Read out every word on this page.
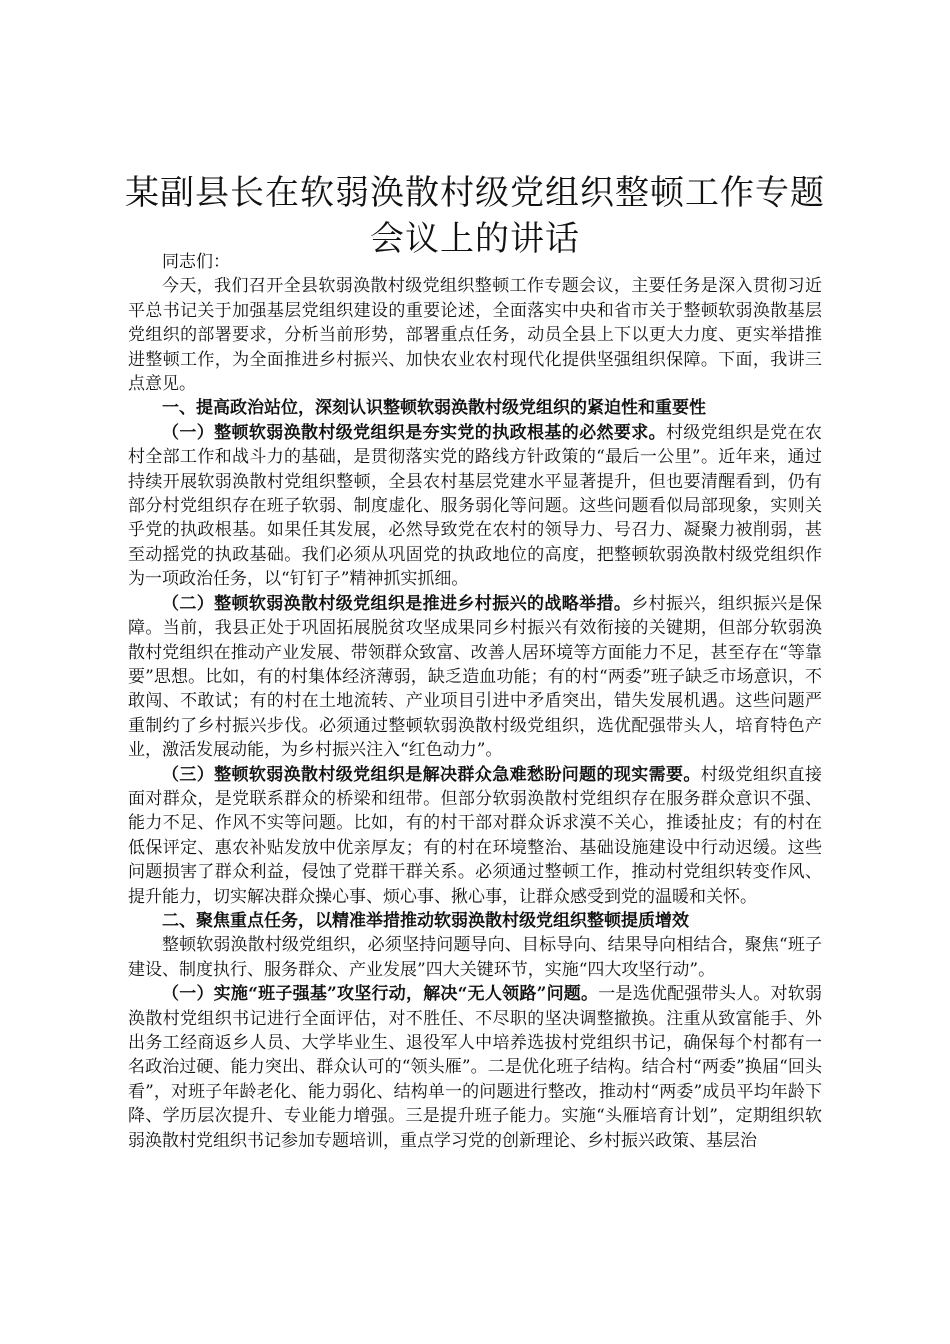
某副县长在软弱涣散村级党组织整顿工作专题
会议上的讲话

同志们：

今天，我们召开全县软弱涣散村级党组织整顿工作专题会议，主要任务是深入贯彻习近平总书记关于加强基层党组织建设的重要论述，全面落实中央和省市关于整顿软弱涣散基层党组织的部署要求，分析当前形势，部署重点任务，动员全县上下以更大力度、更实举措推进整顿工作，为全面推进乡村振兴、加快农业农村现代化提供坚强组织保障。下面，我讲三点意见。

一、提高政治站位，深刻认识整顿软弱涣散村级党组织的紧迫性和重要性

（一）整顿软弱涣散村级党组织是夯实党的执政根基的必然要求。村级党组织是党在农村全部工作和战斗力的基础，是贯彻落实党的路线方针政策的“最后一公里”。近年来，通过持续开展软弱涣散村党组织整顿，全县农村基层党建水平显著提升，但也要清醒看到，仍有部分村党组织存在班子软弱、制度虚化、服务弱化等问题。这些问题看似局部现象，实则关乎党的执政根基。如果任其发展，必然导致党在农村的领导力、号召力、凝聚力被削弱，甚至动摇党的执政基础。我们必须从巩固党的执政地位的高度，把整顿软弱涣散村级党组织作为一项政治任务，以“钉钉子”精神抓实抓细。

（二）整顿软弱涣散村级党组织是推进乡村振兴的战略举措。乡村振兴，组织振兴是保障。当前，我县正处于巩固拓展脱贫攻坚成果同乡村振兴有效衔接的关键期，但部分软弱涣散村党组织在推动产业发展、带领群众致富、改善人居环境等方面能力不足，甚至存在“等靠要”思想。比如，有的村集体经济薄弱，缺乏造血功能；有的村“两委”班子缺乏市场意识，不敢闯、不敢试；有的村在土地流转、产业项目引进中矛盾突出，错失发展机遇。这些问题严重制约了乡村振兴步伐。必须通过整顿软弱涣散村级党组织，选优配强带头人，培育特色产业，激活发展动能，为乡村振兴注入“红色动力”。

（三）整顿软弱涣散村级党组织是解决群众急难愁盼问题的现实需要。村级党组织直接面对群众，是党联系群众的桥梁和纽带。但部分软弱涣散村党组织存在服务群众意识不强、能力不足、作风不实等问题。比如，有的村干部对群众诉求漠不关心，推诿扯皮；有的村在低保评定、惠农补贴发放中优亲厚友；有的村在环境整治、基础设施建设中行动迟缓。这些问题损害了群众利益，侵蚀了党群干群关系。必须通过整顿工作，推动村党组织转变作风、提升能力，切实解决群众操心事、烦心事、揪心事，让群众感受到党的温暖和关怀。

二、聚焦重点任务，以精准举措推动软弱涣散村级党组织整顿提质增效

整顿软弱涣散村级党组织，必须坚持问题导向、目标导向、结果导向相结合，聚焦“班子建设、制度执行、服务群众、产业发展”四大关键环节，实施“四大攻坚行动”。

（一）实施“班子强基”攻坚行动，解决“无人领路”问题。一是选优配强带头人。对软弱涣散村党组织书记进行全面评估，对不胜任、不尽职的坚决调整撤换。注重从致富能手、外出务工经商返乡人员、大学毕业生、退役军人中培养选拔村党组织书记，确保每个村都有一名政治过硬、能力突出、群众认可的“领头雁”。二是优化班子结构。结合村“两委”换届“回头看”，对班子年龄老化、能力弱化、结构单一的问题进行整改，推动村“两委”成员平均年龄下降、学历层次提升、专业能力增强。三是提升班子能力。实施“头雁培育计划”，定期组织软弱涣散村党组织书记参加专题培训，重点学习党的创新理论、乡村振兴政策、基层治
